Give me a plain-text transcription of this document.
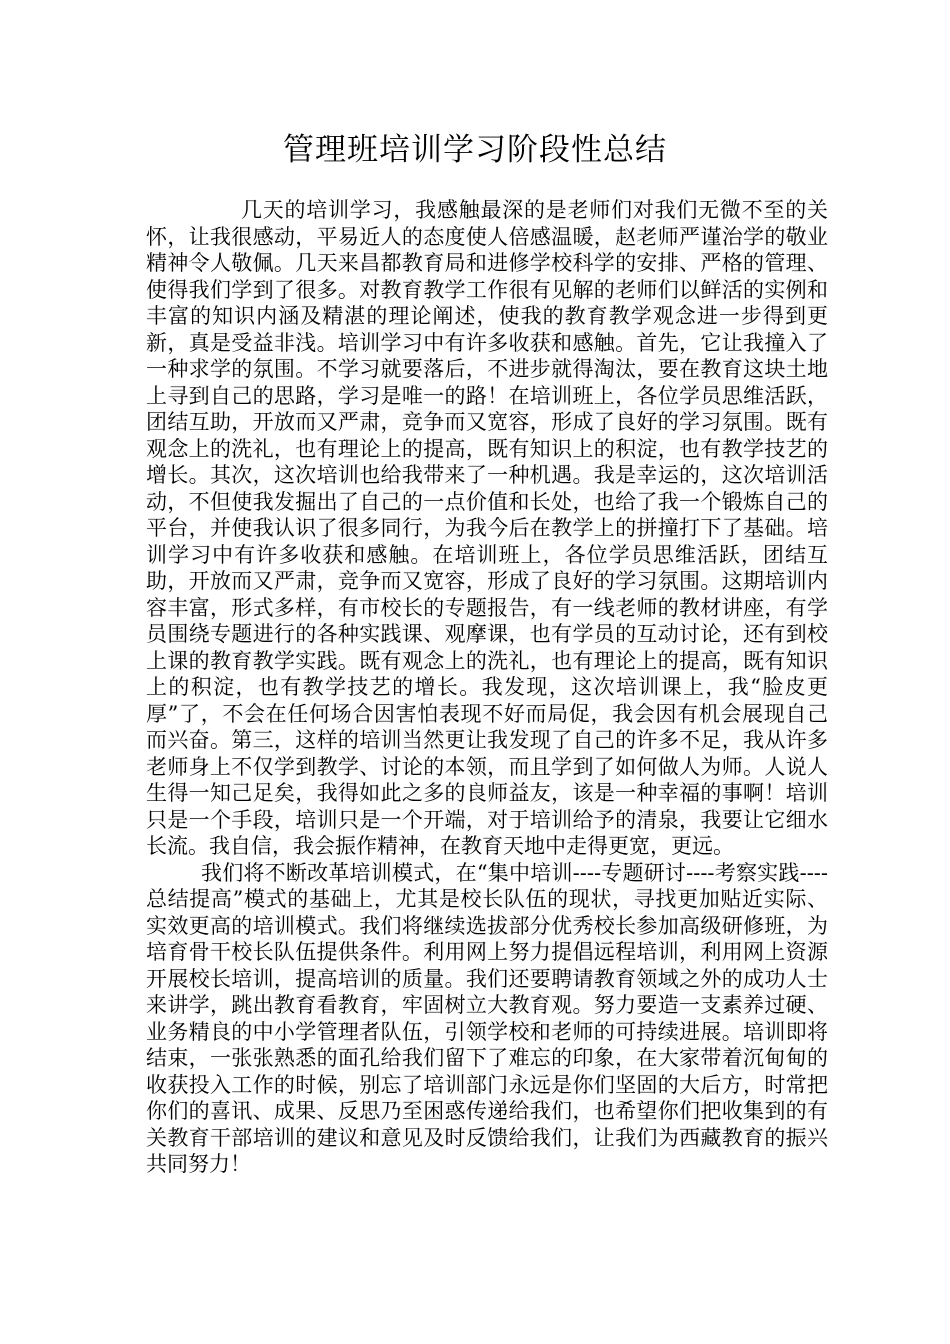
管理班培训学习阶段性总结

几天的培训学习，我感触最深的是老师们对我们无微不至的关怀，让我很感动，平易近人的态度使人倍感温暖，赵老师严谨治学的敬业精神令人敬佩。几天来昌都教育局和进修学校科学的安排、严格的管理、使得我们学到了很多。对教育教学工作很有见解的老师们以鲜活的实例和丰富的知识内涵及精湛的理论阐述，使我的教育教学观念进一步得到更新，真是受益非浅。培训学习中有许多收获和感触。首先，它让我撞入了一种求学的氛围。不学习就要落后，不进步就得淘汰，要在教育这块土地上寻到自己的思路，学习是唯一的路！在培训班上，各位学员思维活跃，团结互助，开放而又严肃，竞争而又宽容，形成了良好的学习氛围。既有观念上的洗礼，也有理论上的提高，既有知识上的积淀，也有教学技艺的增长。其次，这次培训也给我带来了一种机遇。我是幸运的，这次培训活动，不但使我发掘出了自己的一点价值和长处，也给了我一个锻炼自己的平台，并使我认识了很多同行，为我今后在教学上的拼撞打下了基础。培训学习中有许多收获和感触。在培训班上，各位学员思维活跃，团结互助，开放而又严肃，竞争而又宽容，形成了良好的学习氛围。这期培训内容丰富，形式多样，有市校长的专题报告，有一线老师的教材讲座，有学员围绕专题进行的各种实践课、观摩课，也有学员的互动讨论，还有到校上课的教育教学实践。既有观念上的洗礼，也有理论上的提高，既有知识上的积淀，也有教学技艺的增长。我发现，这次培训课上，我“脸皮更厚”了，不会在任何场合因害怕表现不好而局促，我会因有机会展现自己而兴奋。第三，这样的培训当然更让我发现了自己的许多不足，我从许多老师身上不仅学到教学、讨论的本领，而且学到了如何做人为师。人说人生得一知己足矣，我得如此之多的良师益友，该是一种幸福的事啊！培训只是一个手段，培训只是一个开端，对于培训给予的清泉，我要让它细水长流。我自信，我会振作精神，在教育天地中走得更宽，更远。

我们将不断改革培训模式，在“集中培训----专题研讨----考察实践----总结提高”模式的基础上，尤其是校长队伍的现状，寻找更加贴近实际、实效更高的培训模式。我们将继续选拔部分优秀校长参加高级研修班，为培育骨干校长队伍提供条件。利用网上努力提倡远程培训，利用网上资源开展校长培训，提高培训的质量。我们还要聘请教育领域之外的成功人士来讲学，跳出教育看教育，牢固树立大教育观。努力要造一支素养过硬、业务精良的中小学管理者队伍，引领学校和老师的可持续进展。培训即将结束，一张张熟悉的面孔给我们留下了难忘的印象，在大家带着沉甸甸的收获投入工作的时候，别忘了培训部门永远是你们坚固的大后方，时常把你们的喜讯、成果、反思乃至困惑传递给我们，也希望你们把收集到的有关教育干部培训的建议和意见及时反馈给我们，让我们为西藏教育的振兴共同努力！
